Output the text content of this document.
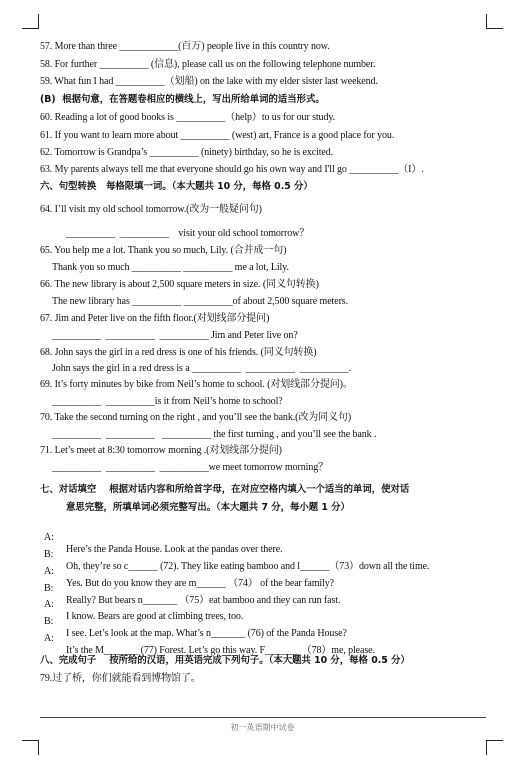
57. More than three ____________(百万) people live in this country now.
58. For further __________ (信息), please call us on the following telephone number.
59. What fun I had __________（划船) on the lake with my elder sister last weekend.
(B)  根据句意，在答题卷相应的横线上，写出所给单词的适当形式。
60. Reading a lot of good books is __________（help）to us for our study.
61. If you want to learn more about __________ (west) art, France is a good place for you.
62. Tomorrow is Grandpa’s __________ (ninety) birthday, so he is excited.
63. My parents always tell me that everyone should go his own way and I'll go __________（I）.
六、句型转换   每格限填一词。（本大题共 10 分，每格 0.5 分）
64. I’ll visit my old school tomorrow.(改为一般疑问句)
__________  __________    visit your old school tomorrow？
65. You help me a lot. Thank you so much, Lily. (合并成一句)
Thank you so much __________ __________ me a lot, Lily.
66. The new library is about 2,500 square meters in size. (同义句转换)
The new library has __________ __________of about 2,500 square meters.
67. Jim and Peter live on the fifth floor.(对划线部分提问)
__________  __________  __________ Jim and Peter live on?
68. John says the girl in a red dress is one of his friends. (同义句转换)
John says the girl in a red dress is a __________  __________  __________.
69. It’s forty minutes by bike from Neil’s home to school. (对划线部分提问)。
__________  __________is it from Neil’s home to school?
70. Take the second turning on the right , and you’ll see the bank.(改为同义句)
__________  __________   __________ the first turning , and you’ll see the bank .
71. Let’s meet at 8:30 tomorrow morning .(对划线部分提问)
__________  __________  __________we meet tomorrow morning？
七、对话填空    根据对话内容和所给首字母，在对应空格内填入一个适当的单词，使对话
意思完整，所填单词必须完整写出。（本大题共 7 分，每小题 1 分）

A:

Here’s the Panda House. Look at the pandas over there.

B:

Oh, they’re so c______ (72). They like eating bamboo and l______（73）down all the time.

A:

Yes. But do you know they are m______ （74） of the bear family?

B:

Really? But bears n_______ （75）eat bamboo and they can run fast.

A:

I know. Bears are good at climbing trees, too.

B:

I see. Let’s look at the map. What’s n_______ (76) of the Panda House?

A:

It’s the M_______ (77) Forest. Let’s go this way. F_______ （78）me, please.

八、完成句子    按所给的汉语，用英语完成下列句子。（本大题共 10 分，每格 0.5 分）
79.过了桥，你们就能看到博物馆了。
初一英语期中试卷
